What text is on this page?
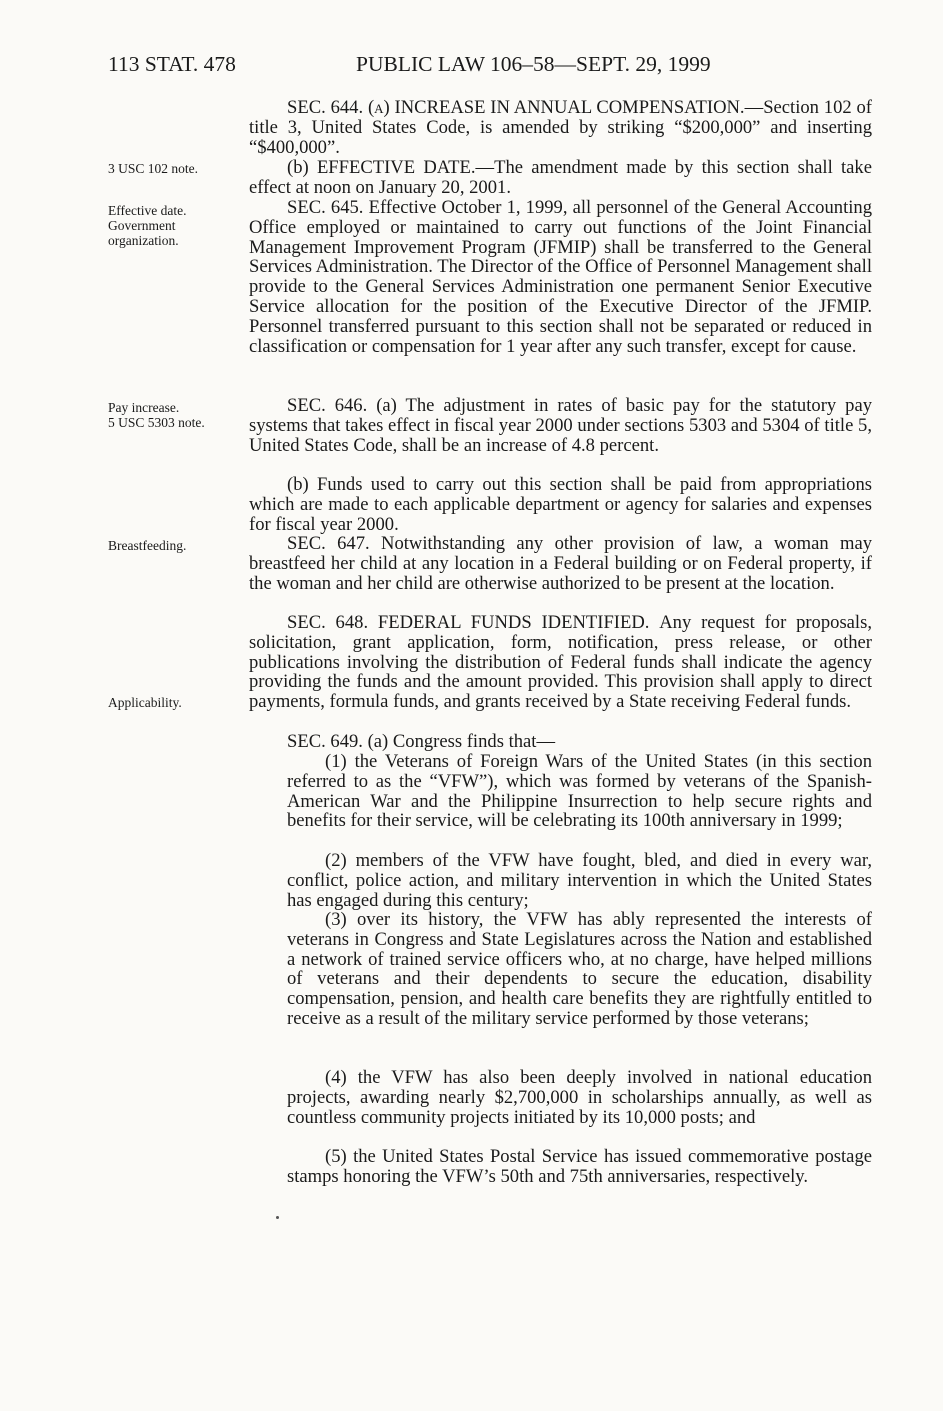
113 STAT. 478	PUBLIC LAW 106–58—SEPT. 29, 1999
3 USC 102 note.
Effective date.
Government
organization.
Pay increase.
5 USC 5303 note.
Breastfeeding.
Applicability.

SEC. 644. (a) INCREASE IN ANNUAL COMPENSATION.—Section 102 of title 3, United States Code, is amended by striking “$200,000” and inserting “$400,000”.

(b) EFFECTIVE DATE.—The amendment made by this section shall take effect at noon on January 20, 2001.

SEC. 645. Effective October 1, 1999, all personnel of the General Accounting Office employed or maintained to carry out functions of the Joint Financial Management Improvement Program (JFMIP) shall be transferred to the General Services Administration. The Director of the Office of Personnel Management shall provide to the General Services Administration one permanent Senior Executive Service allocation for the position of the Executive Director of the JFMIP. Personnel transferred pursuant to this section shall not be separated or reduced in classification or compensation for 1 year after any such transfer, except for cause.

SEC. 646. (a) The adjustment in rates of basic pay for the statutory pay systems that takes effect in fiscal year 2000 under sections 5303 and 5304 of title 5, United States Code, shall be an increase of 4.8 percent.

(b) Funds used to carry out this section shall be paid from appropriations which are made to each applicable department or agency for salaries and expenses for fiscal year 2000.

SEC. 647. Notwithstanding any other provision of law, a woman may breastfeed her child at any location in a Federal building or on Federal property, if the woman and her child are otherwise authorized to be present at the location.

SEC. 648. FEDERAL FUNDS IDENTIFIED. Any request for proposals, solicitation, grant application, form, notification, press release, or other publications involving the distribution of Federal funds shall indicate the agency providing the funds and the amount provided. This provision shall apply to direct payments, formula funds, and grants received by a State receiving Federal funds.

SEC. 649. (a) Congress finds that—

(1) the Veterans of Foreign Wars of the United States (in this section referred to as the “VFW”), which was formed by veterans of the Spanish-American War and the Philippine Insurrection to help secure rights and benefits for their service, will be celebrating its 100th anniversary in 1999;

(2) members of the VFW have fought, bled, and died in every war, conflict, police action, and military intervention in which the United States has engaged during this century;

(3) over its history, the VFW has ably represented the interests of veterans in Congress and State Legislatures across the Nation and established a network of trained service officers who, at no charge, have helped millions of veterans and their dependents to secure the education, disability compensation, pension, and health care benefits they are rightfully entitled to receive as a result of the military service performed by those veterans;

(4) the VFW has also been deeply involved in national education projects, awarding nearly $2,700,000 in scholarships annually, as well as countless community projects initiated by its 10,000 posts; and

(5) the United States Postal Service has issued commemorative postage stamps honoring the VFW’s 50th and 75th anniversaries, respectively.
